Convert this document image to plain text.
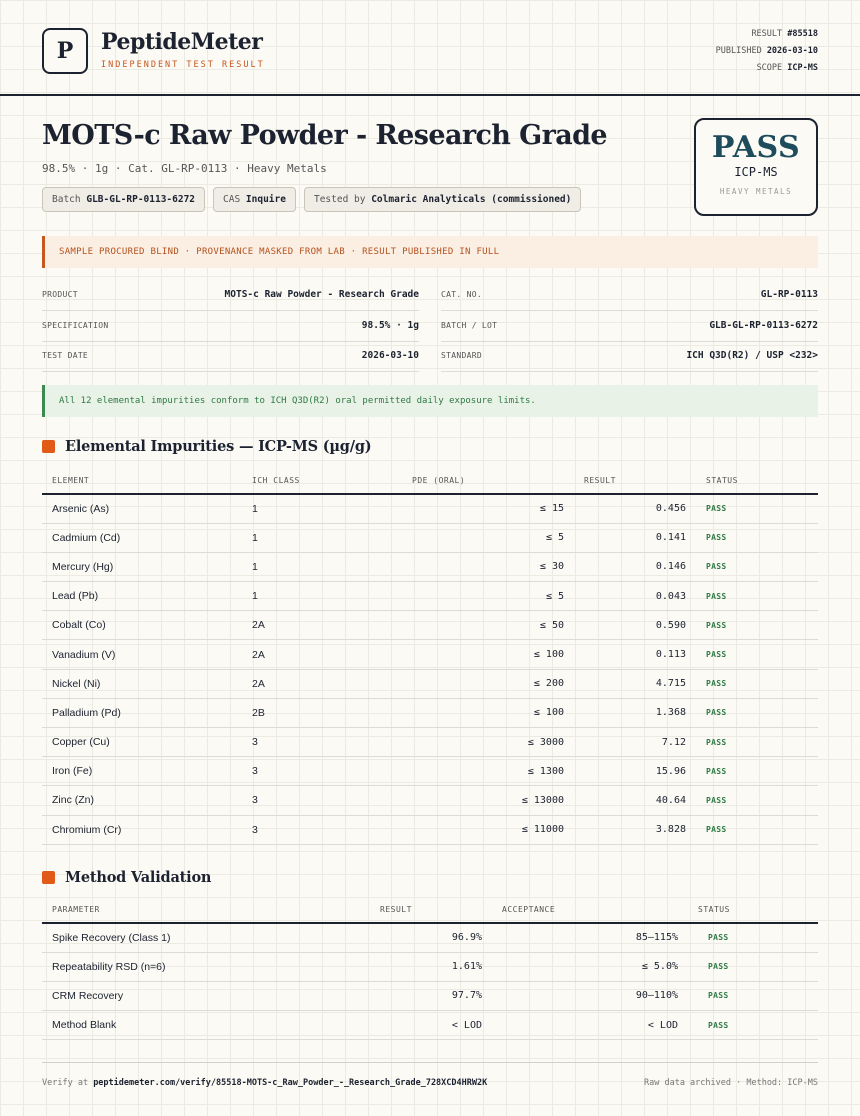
P	PeptideMeter
INDEPENDENT TEST RESULT
RESULT #85518
PUBLISHED 2026-03-10
SCOPE ICP-MS
MOTS-c Raw Powder - Research Grade
98.5% · 1g · Cat. GL-RP-0113 · Heavy Metals
Batch GLB-GL-RP-0113-6272	CAS Inquire	Tested by Colmaric Analyticals (commissioned)
PASS
ICP-MS
HEAVY METALS
SAMPLE PROCURED BLIND · PROVENANCE MASKED FROM LAB · RESULT PUBLISHED IN FULL
PRODUCT	MOTS-c Raw Powder - Research Grade	CAT. NO.	GL-RP-0113
SPECIFICATION	98.5% · 1g	BATCH / LOT	GLB-GL-RP-0113-6272
TEST DATE	2026-03-10	STANDARD	ICH Q3D(R2) / USP <232>
All 12 elemental impurities conform to ICH Q3D(R2) oral permitted daily exposure limits.
Elemental Impurities — ICP-MS (µg/g)
ELEMENT	ICH CLASS	PDE (ORAL)	RESULT	STATUS
Arsenic (As)	1	≤ 15	0.456	PASS
Cadmium (Cd)	1	≤ 5	0.141	PASS
Mercury (Hg)	1	≤ 30	0.146	PASS
Lead (Pb)	1	≤ 5	0.043	PASS
Cobalt (Co)	2A	≤ 50	0.590	PASS
Vanadium (V)	2A	≤ 100	0.113	PASS
Nickel (Ni)	2A	≤ 200	4.715	PASS
Palladium (Pd)	2B	≤ 100	1.368	PASS
Copper (Cu)	3	≤ 3000	7.12	PASS
Iron (Fe)	3	≤ 1300	15.96	PASS
Zinc (Zn)	3	≤ 13000	40.64	PASS
Chromium (Cr)	3	≤ 11000	3.828	PASS
Method Validation
PARAMETER	RESULT	ACCEPTANCE	STATUS
Spike Recovery (Class 1)	96.9%	85–115%	PASS
Repeatability RSD (n=6)	1.61%	≤ 5.0%	PASS
CRM Recovery	97.7%	90–110%	PASS
Method Blank	< LOD	< LOD	PASS
Verify at peptidemeter.com/verify/85518-MOTS-c_Raw_Powder_-_Research_Grade_728XCD4HRW2K	Raw data archived · Method: ICP-MS
